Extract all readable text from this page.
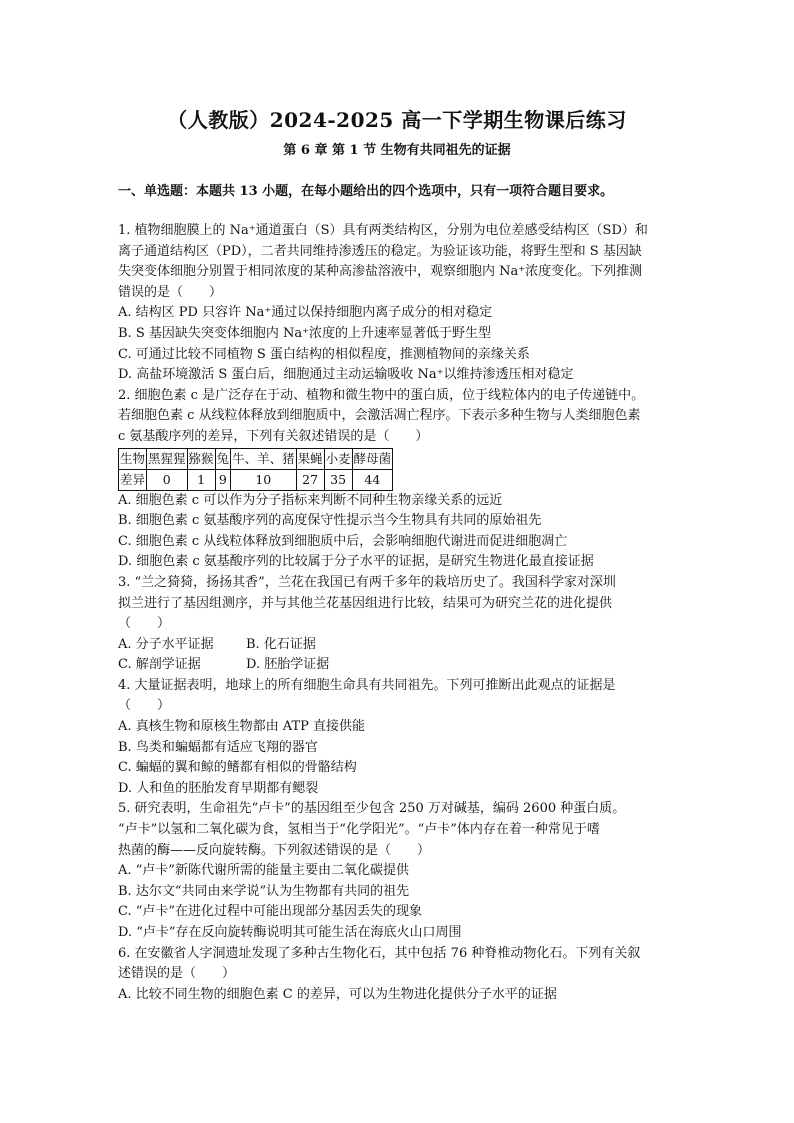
（人教版）2024-2025 高一下学期生物课后练习
第 6 章 第 1 节 生物有共同祖先的证据
一、单选题：本题共 13 小题，在每小题给出的四个选项中，只有一项符合题目要求。

1. 植物细胞膜上的 Na⁺通道蛋白（S）具有两类结构区，分别为电位差感受结构区（SD）和

离子通道结构区（PD），二者共同维持渗透压的稳定。为验证该功能，将野生型和 S 基因缺

失突变体细胞分别置于相同浓度的某种高渗盐溶液中，观察细胞内 Na⁺浓度变化。下列推测

错误的是（　　）

A. 结构区 PD 只容许 Na⁺通过以保持细胞内离子成分的相对稳定

B. S 基因缺失突变体细胞内 Na⁺浓度的上升速率显著低于野生型

C. 可通过比较不同植物 S 蛋白结构的相似程度，推测植物间的亲缘关系

D. 高盐环境激活 S 蛋白后，细胞通过主动运输吸收 Na⁺以维持渗透压相对稳定

2. 细胞色素 c 是广泛存在于动、植物和微生物中的蛋白质，位于线粒体内的电子传递链中。

若细胞色素 c 从线粒体释放到细胞质中，会激活凋亡程序。下表示多种生物与人类细胞色素

c 氨基酸序列的差异，下列有关叙述错误的是（　　）

生物	黑猩猩	猕猴	兔	牛、羊、猪	果蝇	小麦	酵母菌
差异	0	1	9	10	27	35	44

A. 细胞色素 c 可以作为分子指标来判断不同种生物亲缘关系的远近

B. 细胞色素 c 氨基酸序列的高度保守性提示当今生物具有共同的原始祖先

C. 细胞色素 c 从线粒体释放到细胞质中后，会影响细胞代谢进而促进细胞凋亡

D. 细胞色素 c 氨基酸序列的比较属于分子水平的证据，是研究生物进化最直接证据

3. “兰之猗猗，扬扬其香”，兰花在我国已有两千多年的栽培历史了。我国科学家对深圳

拟兰进行了基因组测序，并与其他兰花基因组进行比较，结果可为研究兰花的进化提供

（　　）

A. 分子水平证据	B. 化石证据
C. 解剖学证据	D. 胚胎学证据

4. 大量证据表明，地球上的所有细胞生命具有共同祖先。下列可推断出此观点的证据是

（　　）

A. 真核生物和原核生物都由 ATP 直接供能

B. 鸟类和蝙蝠都有适应飞翔的器官

C. 蝙蝠的翼和鲸的鳍都有相似的骨骼结构

D. 人和鱼的胚胎发育早期都有鳃裂

5. 研究表明，生命祖先“卢卡”的基因组至少包含 250 万对碱基，编码 2600 种蛋白质。

“卢卡”以氢和二氧化碳为食，氢相当于“化学阳光”。“卢卡”体内存在着一种常见于嗜

热菌的酶——反向旋转酶。下列叙述错误的是（　　）

A. “卢卡”新陈代谢所需的能量主要由二氧化碳提供

B. 达尔文“共同由来学说”认为生物都有共同的祖先

C. “卢卡”在进化过程中可能出现部分基因丢失的现象

D. “卢卡”存在反向旋转酶说明其可能生活在海底火山口周围

6. 在安徽省人字洞遗址发现了多种古生物化石，其中包括 76 种脊椎动物化石。下列有关叙

述错误的是（　　）

A. 比较不同生物的细胞色素 C 的差异，可以为生物进化提供分子水平的证据
